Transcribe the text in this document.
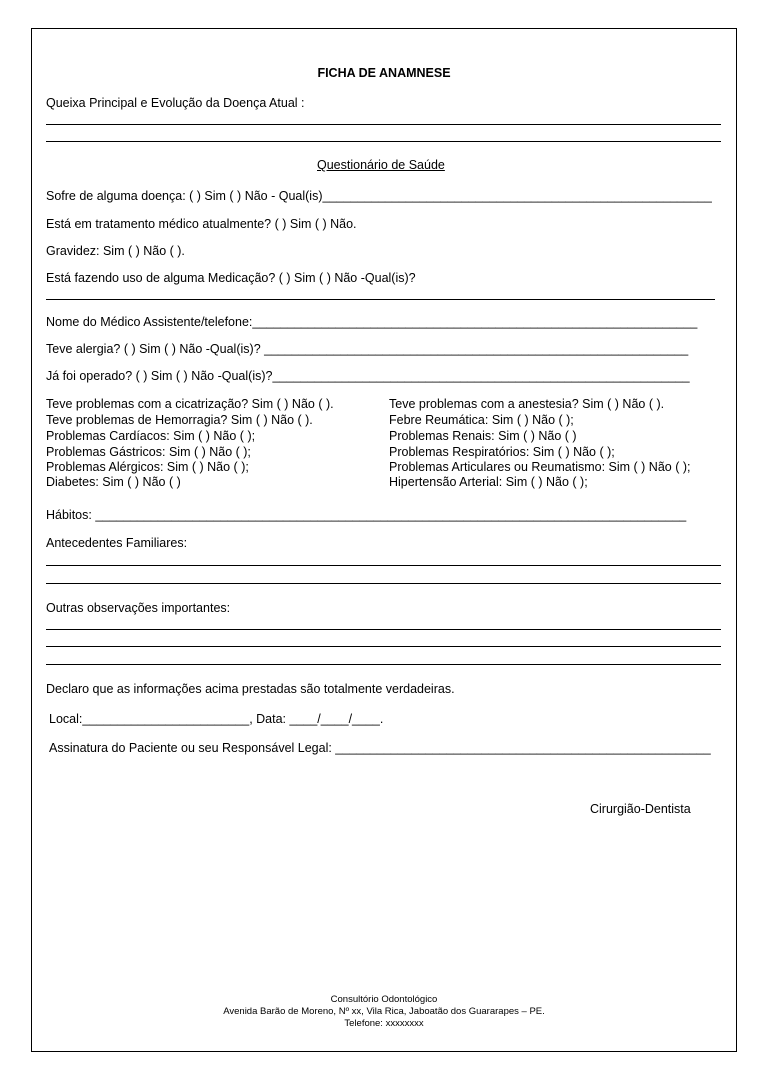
FICHA DE ANAMNESE
Queixa Principal e Evolução da Doença Atual :
Questionário de Saúde
Sofre de alguma doença: ( ) Sim ( ) Não - Qual(is)________________________________________________________
Está em tratamento médico atualmente? ( ) Sim ( ) Não.
Gravidez: Sim ( ) Não ( ).
Está fazendo uso de alguma Medicação? ( ) Sim ( ) Não -Qual(is)?
Nome do Médico Assistente/telefone:________________________________________________________________
Teve alergia? ( ) Sim ( ) Não -Qual(is)? _____________________________________________________________
Já foi operado? ( ) Sim ( ) Não -Qual(is)?____________________________________________________________
Teve problemas com a cicatrização? Sim ( ) Não ( ).
Teve problemas de Hemorragia? Sim ( ) Não ( ).
Problemas Cardíacos: Sim ( ) Não ( );
Problemas Gástricos: Sim ( ) Não ( );
Problemas Alérgicos: Sim ( ) Não ( );
Diabetes: Sim ( ) Não ( )
Teve problemas com a anestesia? Sim ( ) Não ( ).
Febre Reumática: Sim ( ) Não ( );
Problemas Renais: Sim ( ) Não ( )
Problemas Respiratórios: Sim ( ) Não ( );
Problemas Articulares ou Reumatismo: Sim ( ) Não ( );
Hipertensão Arterial: Sim ( ) Não ( );
Hábitos: _____________________________________________________________________________________
Antecedentes Familiares:
Outras observações importantes:
Declaro que as informações acima prestadas são totalmente verdadeiras.
Local:________________________, Data: ____/____/____.
Assinatura do Paciente ou seu Responsável Legal: ______________________________________________________
Cirurgião-Dentista
Consultório Odontológico
Avenida Barão de Moreno, Nº xx, Vila Rica, Jaboatão dos Guararapes – PE.
Telefone: xxxxxxxx
